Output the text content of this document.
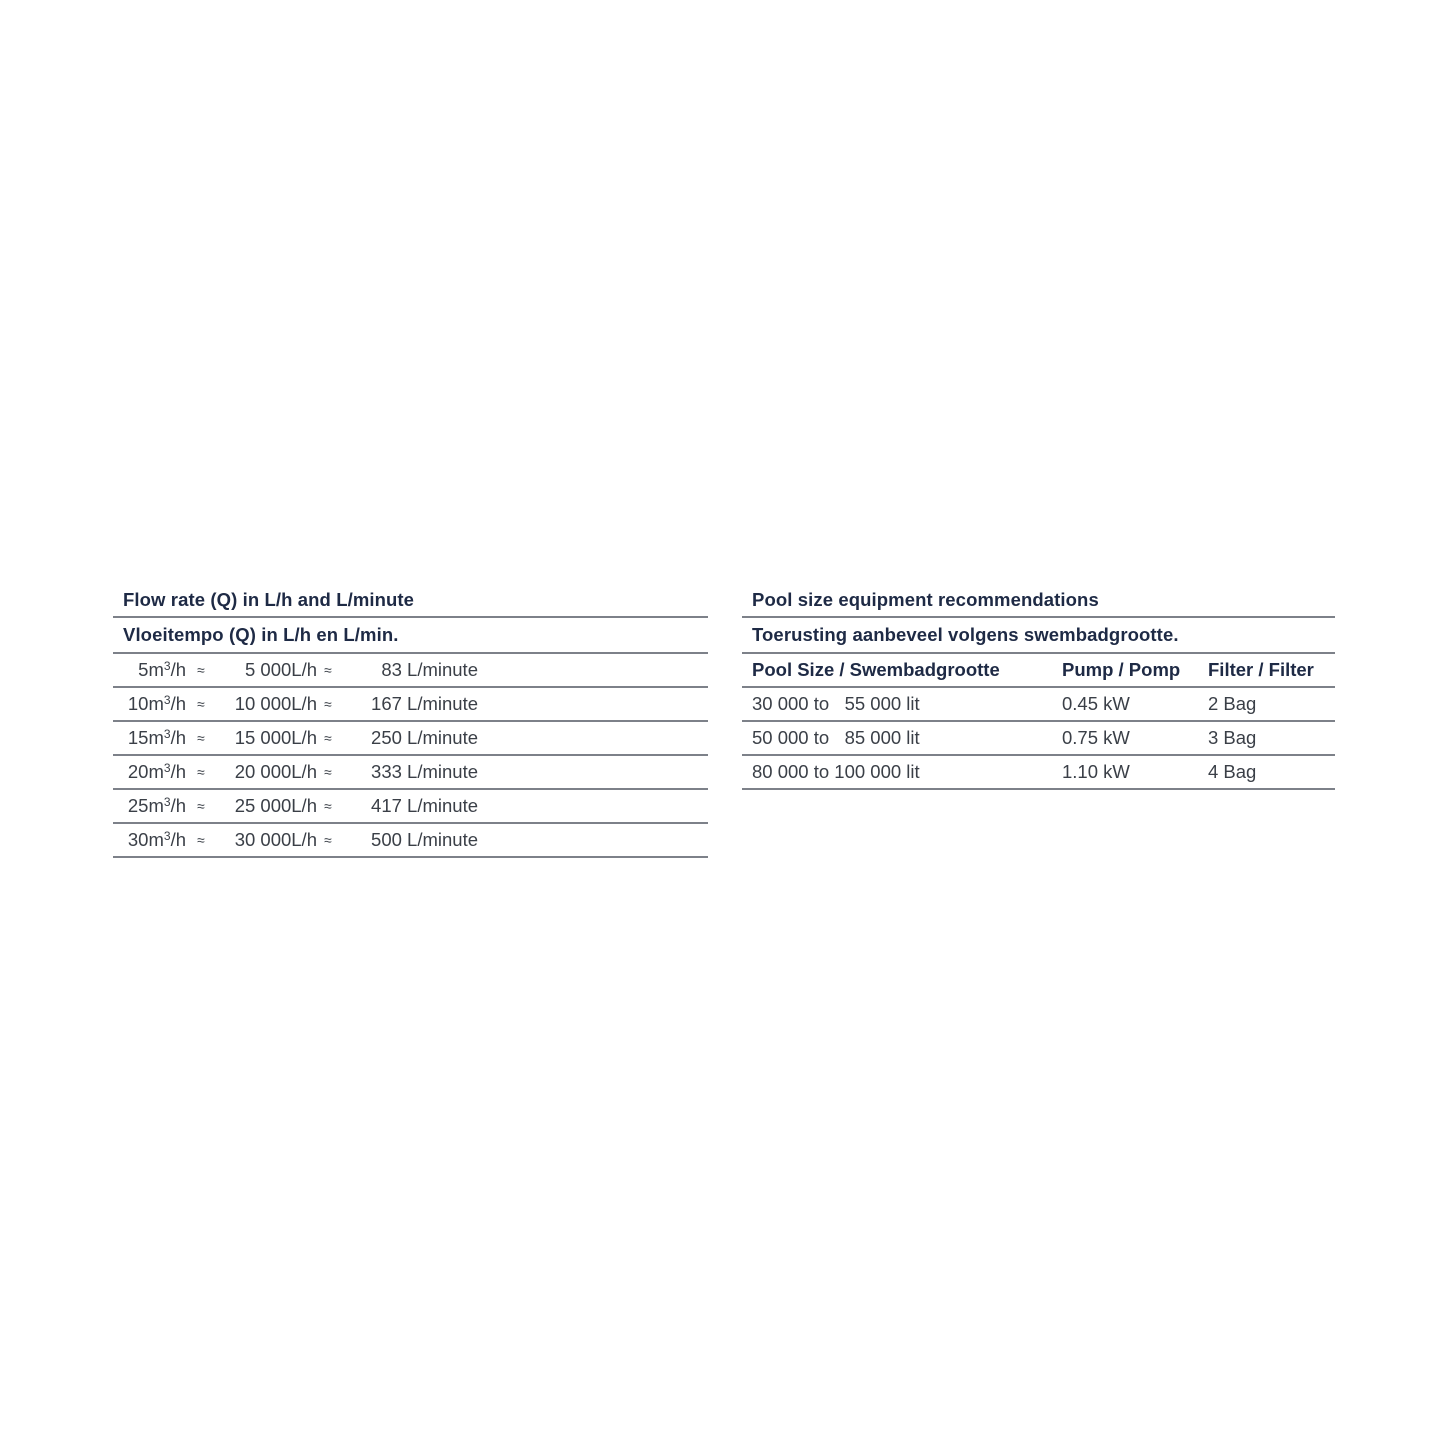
Flow rate (Q) in L/h and L/minute
Vloeitempo (Q) in L/h en L/min.
$5m^3/h \approx 5$ 000L/h ≈	83 L/minute
$10m^3/h \approx 10$ 000L/h ≈ 167 L/minute
$15m^3/h \approx 15$ 000L/h ≈ 250 L/minute
$20m^3/h \approx 20$ 000L/h ≈ 333 L/minute
$25m^3/h \approx 25$ 000L/h ≈ 417 L/minute
$30m^3/h \approx 30$ 000L/h ≈ 500 L/minute
Pool size equipment recommendations
Toerusting aanbeveel volgens swembadgrootte.
Pool Size / Swembadgrootte	Pump / Pomp Filter / Filter
30 000 to   55 000 lit	0.45 kW	2 Bag
50 000 to   85 000 lit	0.75 kW	3 Bag
80 000 to 100 000 lit	1.10 kW	4 Bag
